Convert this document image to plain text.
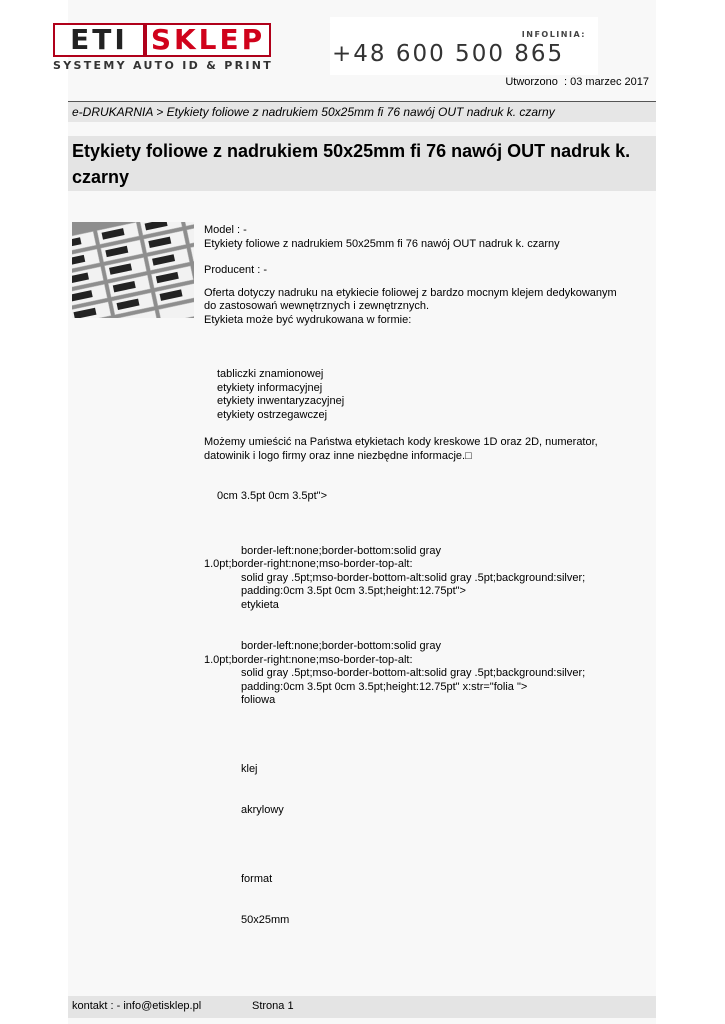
ETI SKLEP
SYSTEMY AUTO ID & PRINT
INFOLINIA:
+48 600 500 865
Utworzono  : 03 marzec 2017
e-DRUKARNIA > Etykiety foliowe z nadrukiem 50x25mm fi 76 nawój OUT nadruk k. czarny
Etykiety foliowe z nadrukiem 50x25mm fi 76 nawój OUT nadruk k. czarny

Model : -

Etykiety foliowe z nadrukiem 50x25mm fi 76 nawój OUT nadruk k. czarny

Producent : -

Oferta dotyczy nadruku na etykiecie foliowej z bardzo mocnym klejem dedykowanym

do zastosowań wewnętrznych i zewnętrznych.

Etykieta może być wydrukowana w formie:

tabliczki znamionowej

etykiety informacyjnej

etykiety inwentaryzacyjnej

etykiety ostrzegawczej

Możemy umieścić na Państwa etykietach kody kreskowe 1D oraz 2D, numerator,

datowinik i logo firmy oraz inne niezbędne informacje.□

0cm 3.5pt 0cm 3.5pt">

border-left:none;border-bottom:solid gray

1.0pt;border-right:none;mso-border-top-alt:

solid gray .5pt;mso-border-bottom-alt:solid gray .5pt;background:silver;

padding:0cm 3.5pt 0cm 3.5pt;height:12.75pt">

etykieta

border-left:none;border-bottom:solid gray

1.0pt;border-right:none;mso-border-top-alt:

solid gray .5pt;mso-border-bottom-alt:solid gray .5pt;background:silver;

padding:0cm 3.5pt 0cm 3.5pt;height:12.75pt" x:str="folia ">

foliowa

klej

akrylowy

format

50x25mm

kontakt : - info@etisklep.pl	Strona 1
